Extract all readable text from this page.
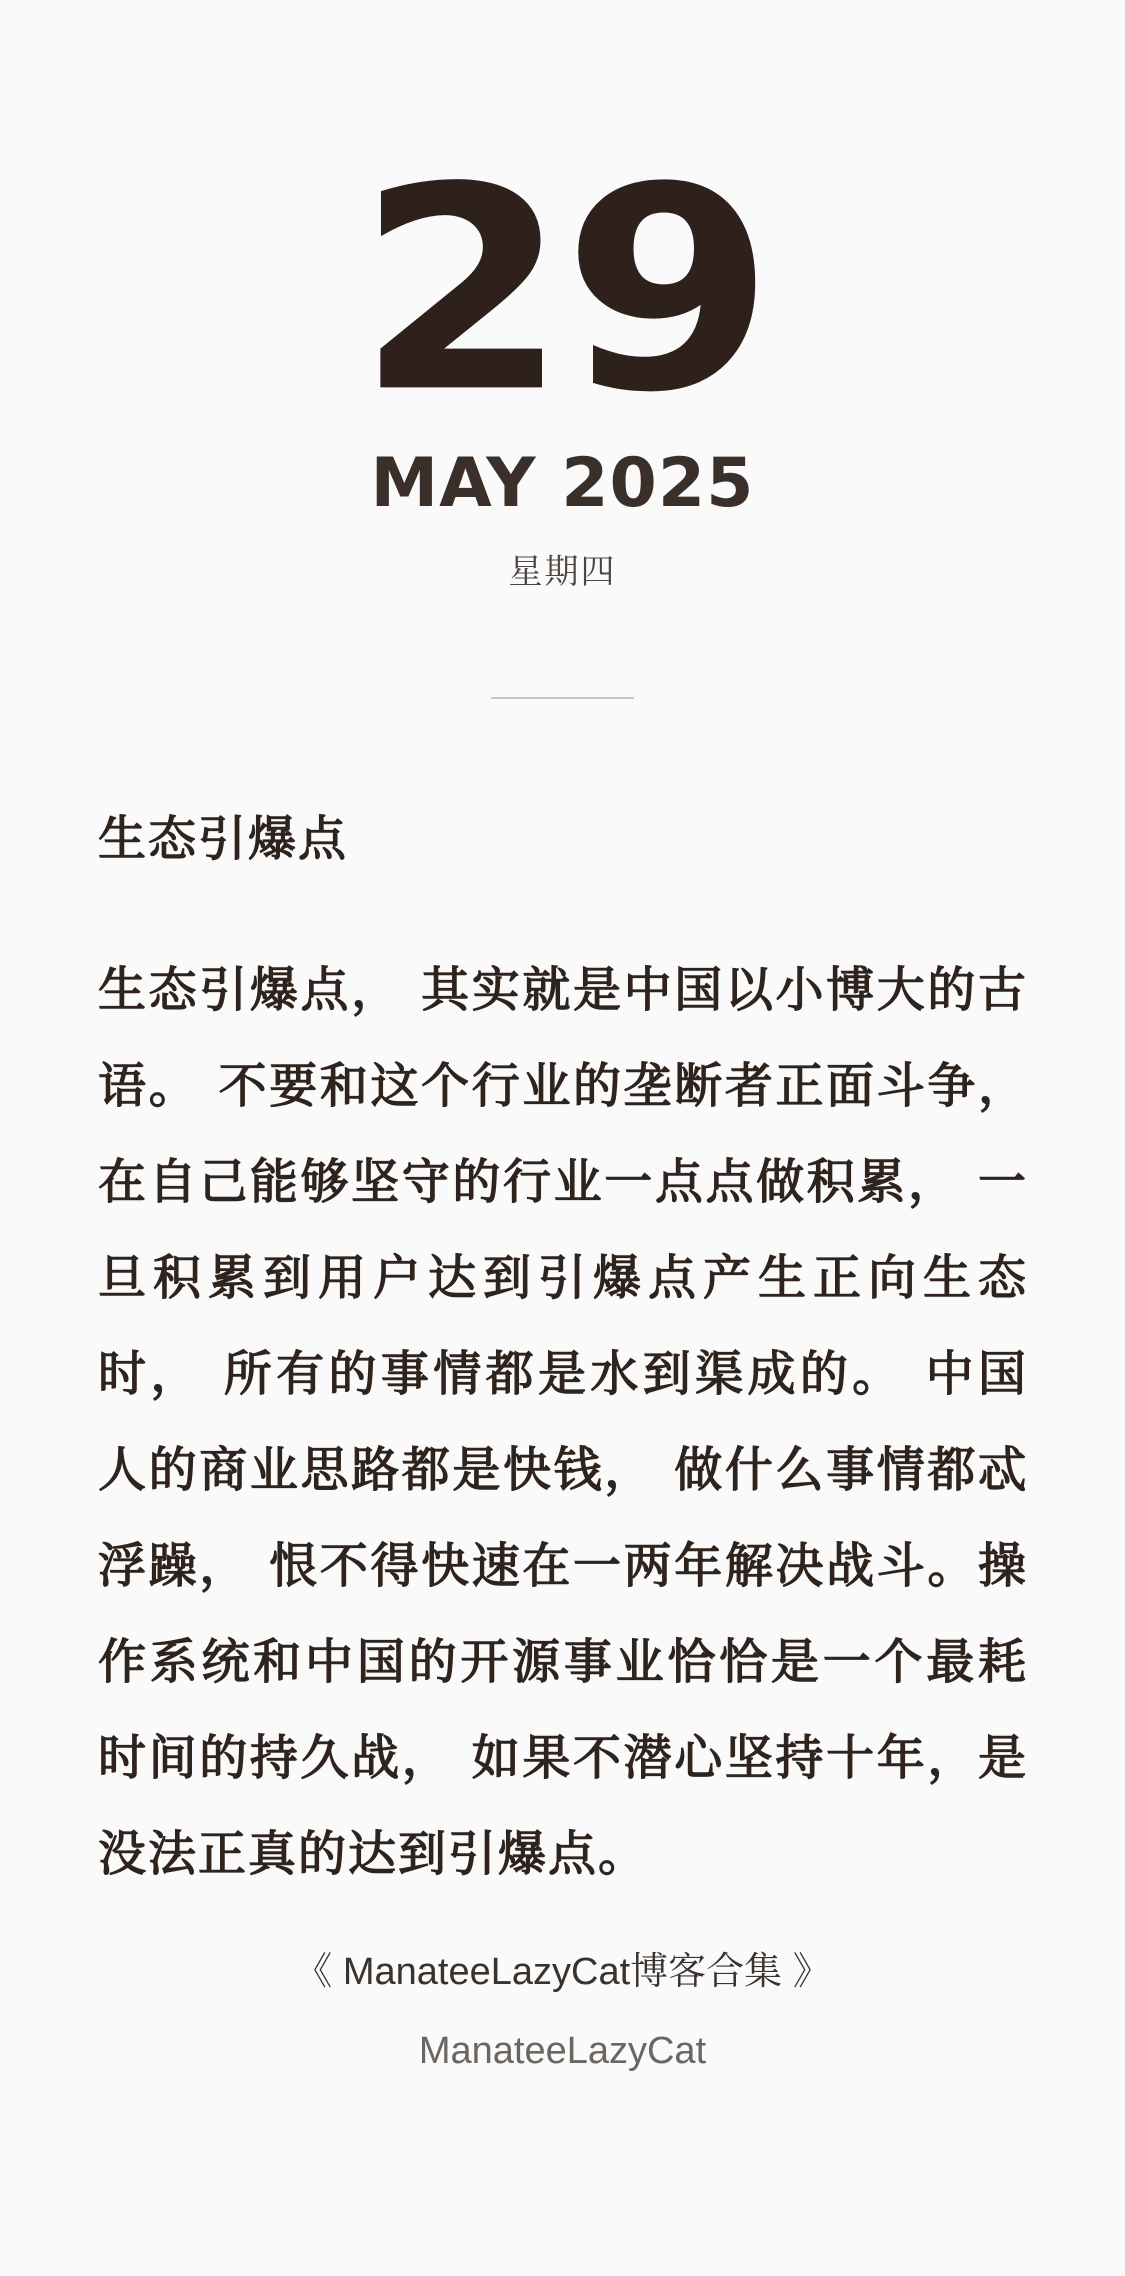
29
MAY 2025
星期四
生态引爆点
生态引爆点， 其实就是中国以小博大的古语。 不要和这个行业的垄断者正面斗争，在自己能够坚守的行业一点点做积累， 一旦积累到用户达到引爆点产生正向生态时， 所有的事情都是水到渠成的。 中国人的商业思路都是快钱， 做什么事情都忒浮躁， 恨不得快速在一两年解决战斗。操作系统和中国的开源事业恰恰是一个最耗时间的持久战， 如果不潜心坚持十年，是没法正真的达到引爆点。
《 ManateeLazyCat博客合集 》
ManateeLazyCat
